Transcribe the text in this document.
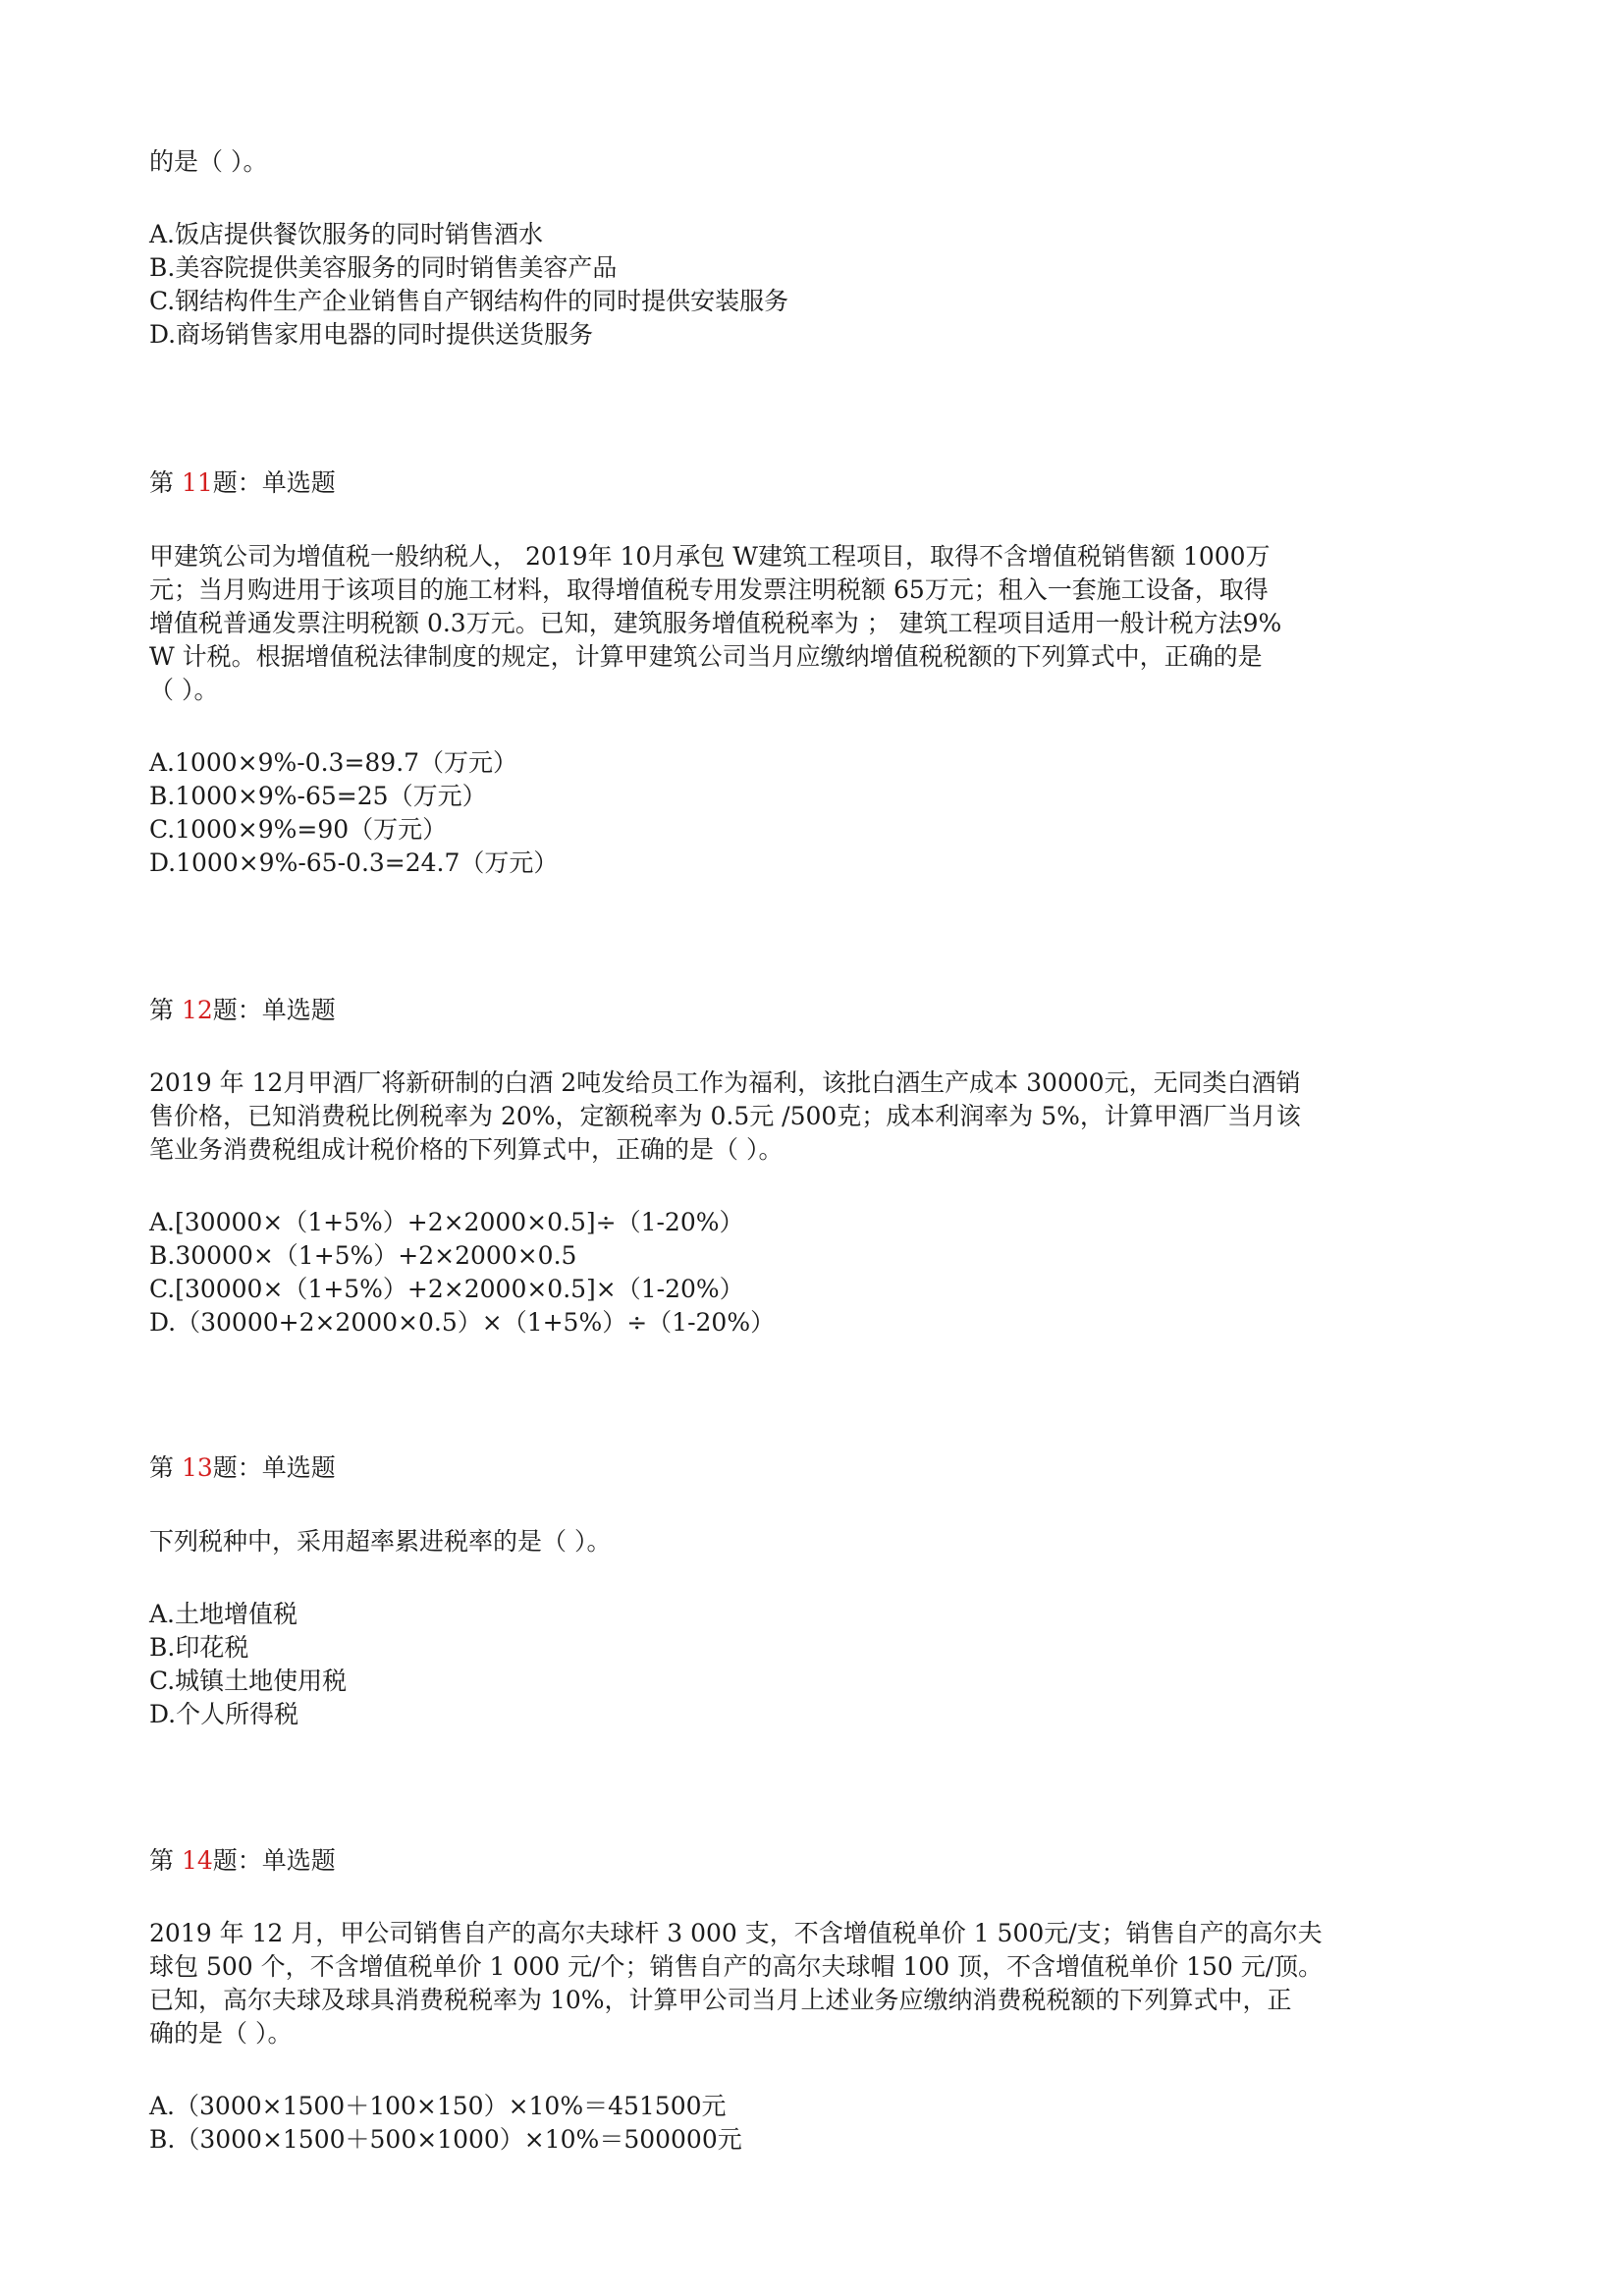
的是（ ）。
A.饭店提供餐饮服务的同时销售酒水
B.美容院提供美容服务的同时销售美容产品
C.钢结构件生产企业销售自产钢结构件的同时提供安装服务
D.商场销售家用电器的同时提供送货服务
第 11题：单选题
甲建筑公司为增值税一般纳税人， 2019年 10月承包 W建筑工程项目，取得不含增值税销售额 1000万
元；当月购进用于该项目的施工材料，取得增值税专用发票注明税额 65万元；租入一套施工设备，取得
增值税普通发票注明税额 0.3万元。已知，建筑服务增值税税率为 ； 建筑工程项目适用一般计税方法9%
W 计税。根据增值税法律制度的规定，计算甲建筑公司当月应缴纳增值税税额的下列算式中，正确的是
（ ）。
A.1000×9%-0.3=89.7（万元）
B.1000×9%-65=25（万元）
C.1000×9%=90（万元）
D.1000×9%-65-0.3=24.7（万元）
第 12题：单选题
2019 年 12月甲酒厂将新研制的白酒 2吨发给员工作为福利，该批白酒生产成本 30000元，无同类白酒销
售价格，已知消费税比例税率为 20%，定额税率为 0.5元 /500克；成本利润率为 5%，计算甲酒厂当月该
笔业务消费税组成计税价格的下列算式中，正确的是（ ）。
A.[30000×（1+5%）+2×2000×0.5]÷（1-20%）
B.30000×（1+5%）+2×2000×0.5
C.[30000×（1+5%）+2×2000×0.5]×（1-20%）
D.（30000+2×2000×0.5）×（1+5%）÷（1-20%）
第 13题：单选题
下列税种中，采用超率累进税率的是（ ）。
A.土地增值税
B.印花税
C.城镇土地使用税
D.个人所得税
第 14题：单选题
2019 年 12 月，甲公司销售自产的高尔夫球杆 3 000 支，不含增值税单价 1 500元/支；销售自产的高尔夫
球包 500 个，不含增值税单价 1 000 元/个；销售自产的高尔夫球帽 100 顶，不含增值税单价 150 元/顶。
已知，高尔夫球及球具消费税税率为 10%，计算甲公司当月上述业务应缴纳消费税税额的下列算式中，正
确的是（ ）。
A.（3000×1500＋100×150）×10%＝451500元
B.（3000×1500＋500×1000）×10%＝500000元
